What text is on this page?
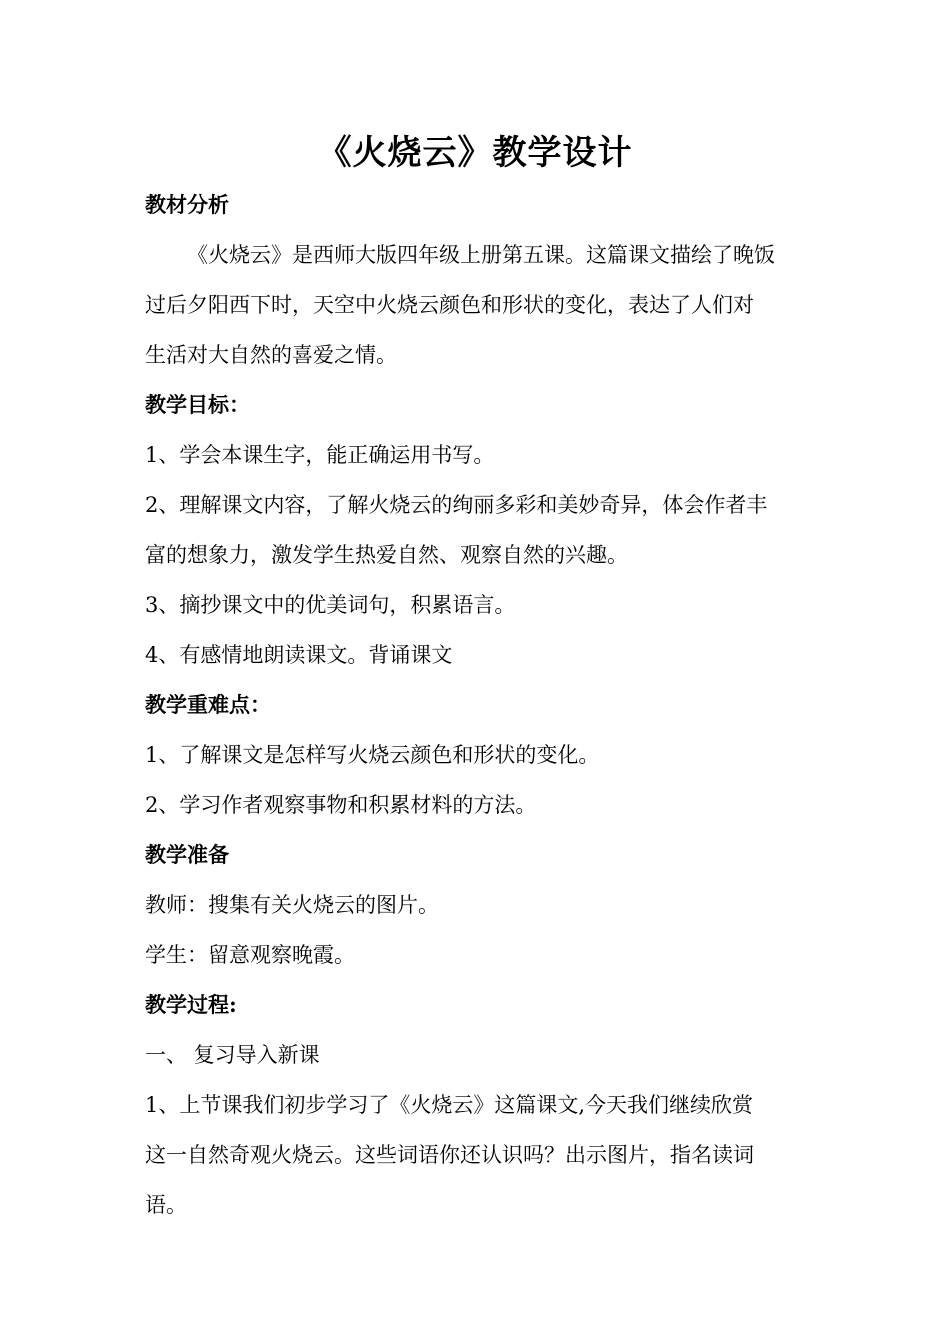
《火烧云》教学设计
教材分析
《火烧云》是西师大版四年级上册第五课。这篇课文描绘了晚饭
过后夕阳西下时，天空中火烧云颜色和形状的变化，表达了人们对
生活对大自然的喜爱之情。
教学目标：
1、学会本课生字，能正确运用书写。
2、理解课文内容，了解火烧云的绚丽多彩和美妙奇异，体会作者丰
富的想象力，激发学生热爱自然、观察自然的兴趣。
3、摘抄课文中的优美词句，积累语言。
4、有感情地朗读课文。背诵课文
教学重难点：
1、了解课文是怎样写火烧云颜色和形状的变化。
2、学习作者观察事物和积累材料的方法。
教学准备
教师：搜集有关火烧云的图片。
学生：留意观察晚霞。
教学过程:
一、 复习导入新课
1、上节课我们初步学习了《火烧云》这篇课文,今天我们继续欣赏
这一自然奇观火烧云。这些词语你还认识吗？出示图片，指名读词
语。
